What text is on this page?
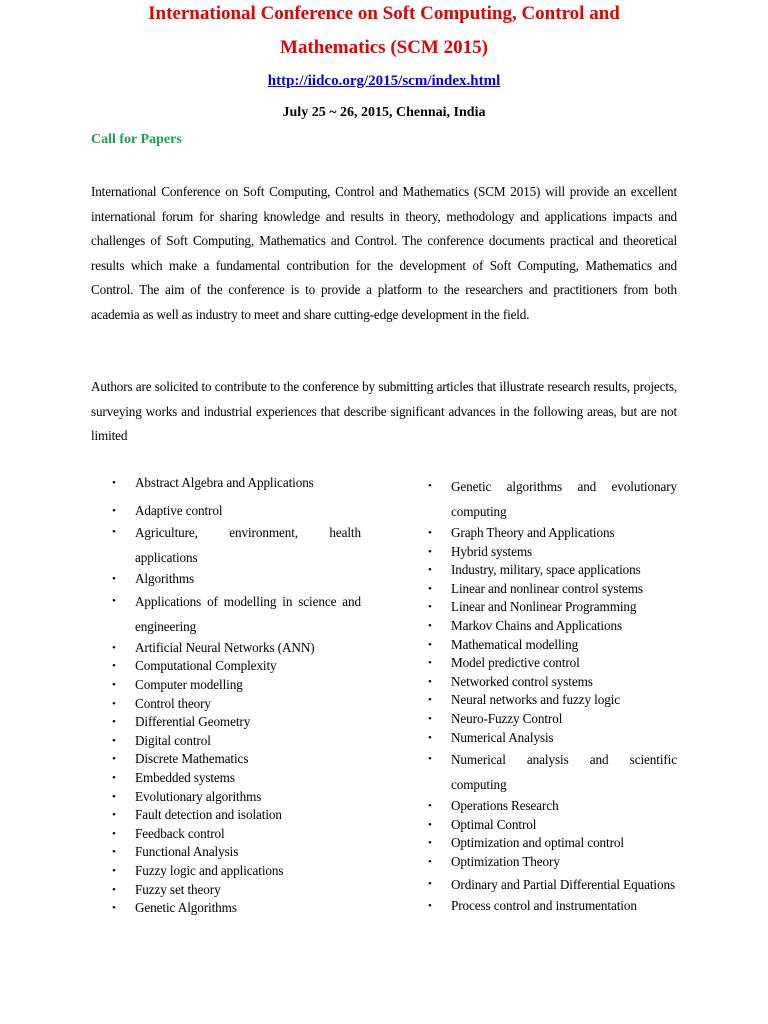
International Conference on Soft Computing, Control and
Mathematics (SCM 2015)
http://iidco.org/2015/scm/index.html
July 25 ~ 26, 2015, Chennai, India
Call for Papers
International Conference on Soft Computing, Control and Mathematics (SCM 2015) will provide an excellent international forum for sharing knowledge and results in theory, methodology and applications impacts and challenges of Soft Computing, Mathematics and Control. The conference documents practical and theoretical results which make a fundamental contribution for the development of Soft Computing, Mathematics and Control. The aim of the conference is to provide a platform to the researchers and practitioners from both academia as well as industry to meet and share cutting-edge development in the field.
Authors are solicited to contribute to the conference by submitting articles that illustrate research results, projects, surveying works and industrial experiences that describe significant advances in the following areas, but are not limited
• Abstract Algebra and Applications
• Adaptive control
• Agriculture, environment, health applications
• Algorithms
• Applications of modelling in science and engineering
• Artificial Neural Networks (ANN)
• Computational Complexity
• Computer modelling
• Control theory
• Differential Geometry
• Digital control
• Discrete Mathematics
• Embedded systems
• Evolutionary algorithms
• Fault detection and isolation
• Feedback control
• Functional Analysis
• Fuzzy logic and applications
• Fuzzy set theory
• Genetic Algorithms
• Genetic algorithms and evolutionary computing
• Graph Theory and Applications
• Hybrid systems
• Industry, military, space applications
• Linear and nonlinear control systems
• Linear and Nonlinear Programming
• Markov Chains and Applications
• Mathematical modelling
• Model predictive control
• Networked control systems
• Neural networks and fuzzy logic
• Neuro-Fuzzy Control
• Numerical Analysis
• Numerical analysis and scientific computing
• Operations Research
• Optimal Control
• Optimization and optimal control
• Optimization Theory
• Ordinary and Partial Differential Equations
• Process control and instrumentation
